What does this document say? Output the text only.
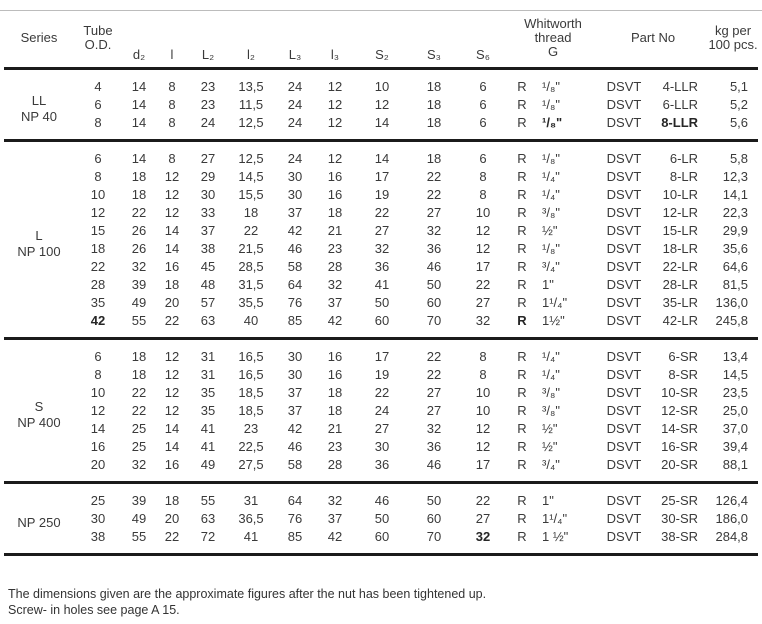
Series	Tube
O.D.
	d₂	l	L₂	l₂	L₃	l₃	S₂	S₃	S₆	
Whitworth
thread
G
	Part No	kg per
100 pcs.

LL
NP 40	4	14	8	23	13,5	24	12	10	18	6	R	¹/₈"	DSVT	4-LLR	5,1
	6	14	8	23	11,5	24	12	12	18	6	R	¹/₈"	DSVT	6-LLR	5,2
	8	14	8	24	12,5	24	12	14	18	6	R	¹/₈"	DSVT	8-LLR	5,6

L
NP 100	6	14	8	27	12,5	24	12	14	18	6	R	¹/₈"	DSVT	6-LR	5,8
	8	18	12	29	14,5	30	16	17	22	8	R	¹/₄"	DSVT	8-LR	12,3
	10	18	12	30	15,5	30	16	19	22	8	R	¹/₄"	DSVT	10-LR	14,1
	12	22	12	33	18	37	18	22	27	10	R	³/₈"	DSVT	12-LR	22,3
	15	26	14	37	22	42	21	27	32	12	R	½"	DSVT	15-LR	29,9
	18	26	14	38	21,5	46	23	32	36	12	R	¹/₈"	DSVT	18-LR	35,6
	22	32	16	45	28,5	58	28	36	46	17	R	³/₄"	DSVT	22-LR	64,6
	28	39	18	48	31,5	64	32	41	50	22	R	1"	DSVT	28-LR	81,5
	35	49	20	57	35,5	76	37	50	60	27	R	1¹/₄"	DSVT	35-LR	136,0
	42	55	22	63	40	85	42	60	70	32	R	1½"	DSVT	42-LR	245,8

S
NP 400	6	18	12	31	16,5	30	16	17	22	8	R	¹/₄"	DSVT	6-SR	13,4
	8	18	12	31	16,5	30	16	19	22	8	R	¹/₄"	DSVT	8-SR	14,5
	10	22	12	35	18,5	37	18	22	27	10	R	³/₈"	DSVT	10-SR	23,5
	12	22	12	35	18,5	37	18	24	27	10	R	³/₈"	DSVT	12-SR	25,0
	14	25	14	41	23	42	21	27	32	12	R	½"	DSVT	14-SR	37,0
	16	25	14	41	22,5	46	23	30	36	12	R	½"	DSVT	16-SR	39,4
	20	32	16	49	27,5	58	28	36	46	17	R	³/₄"	DSVT	20-SR	88,1

NP 250	25	39	18	55	31	64	32	46	50	22	R	1"	DSVT	25-SR	126,4
	30	49	20	63	36,5	76	37	50	60	27	R	1¹/₄"	DSVT	30-SR	186,0
	38	55	22	72	41	85	42	60	70	32	R	1 ½"	DSVT	38-SR	284,8
The dimensions given are the approximate figures after the nut has been tightened up.
Screw- in holes see page A 15.
